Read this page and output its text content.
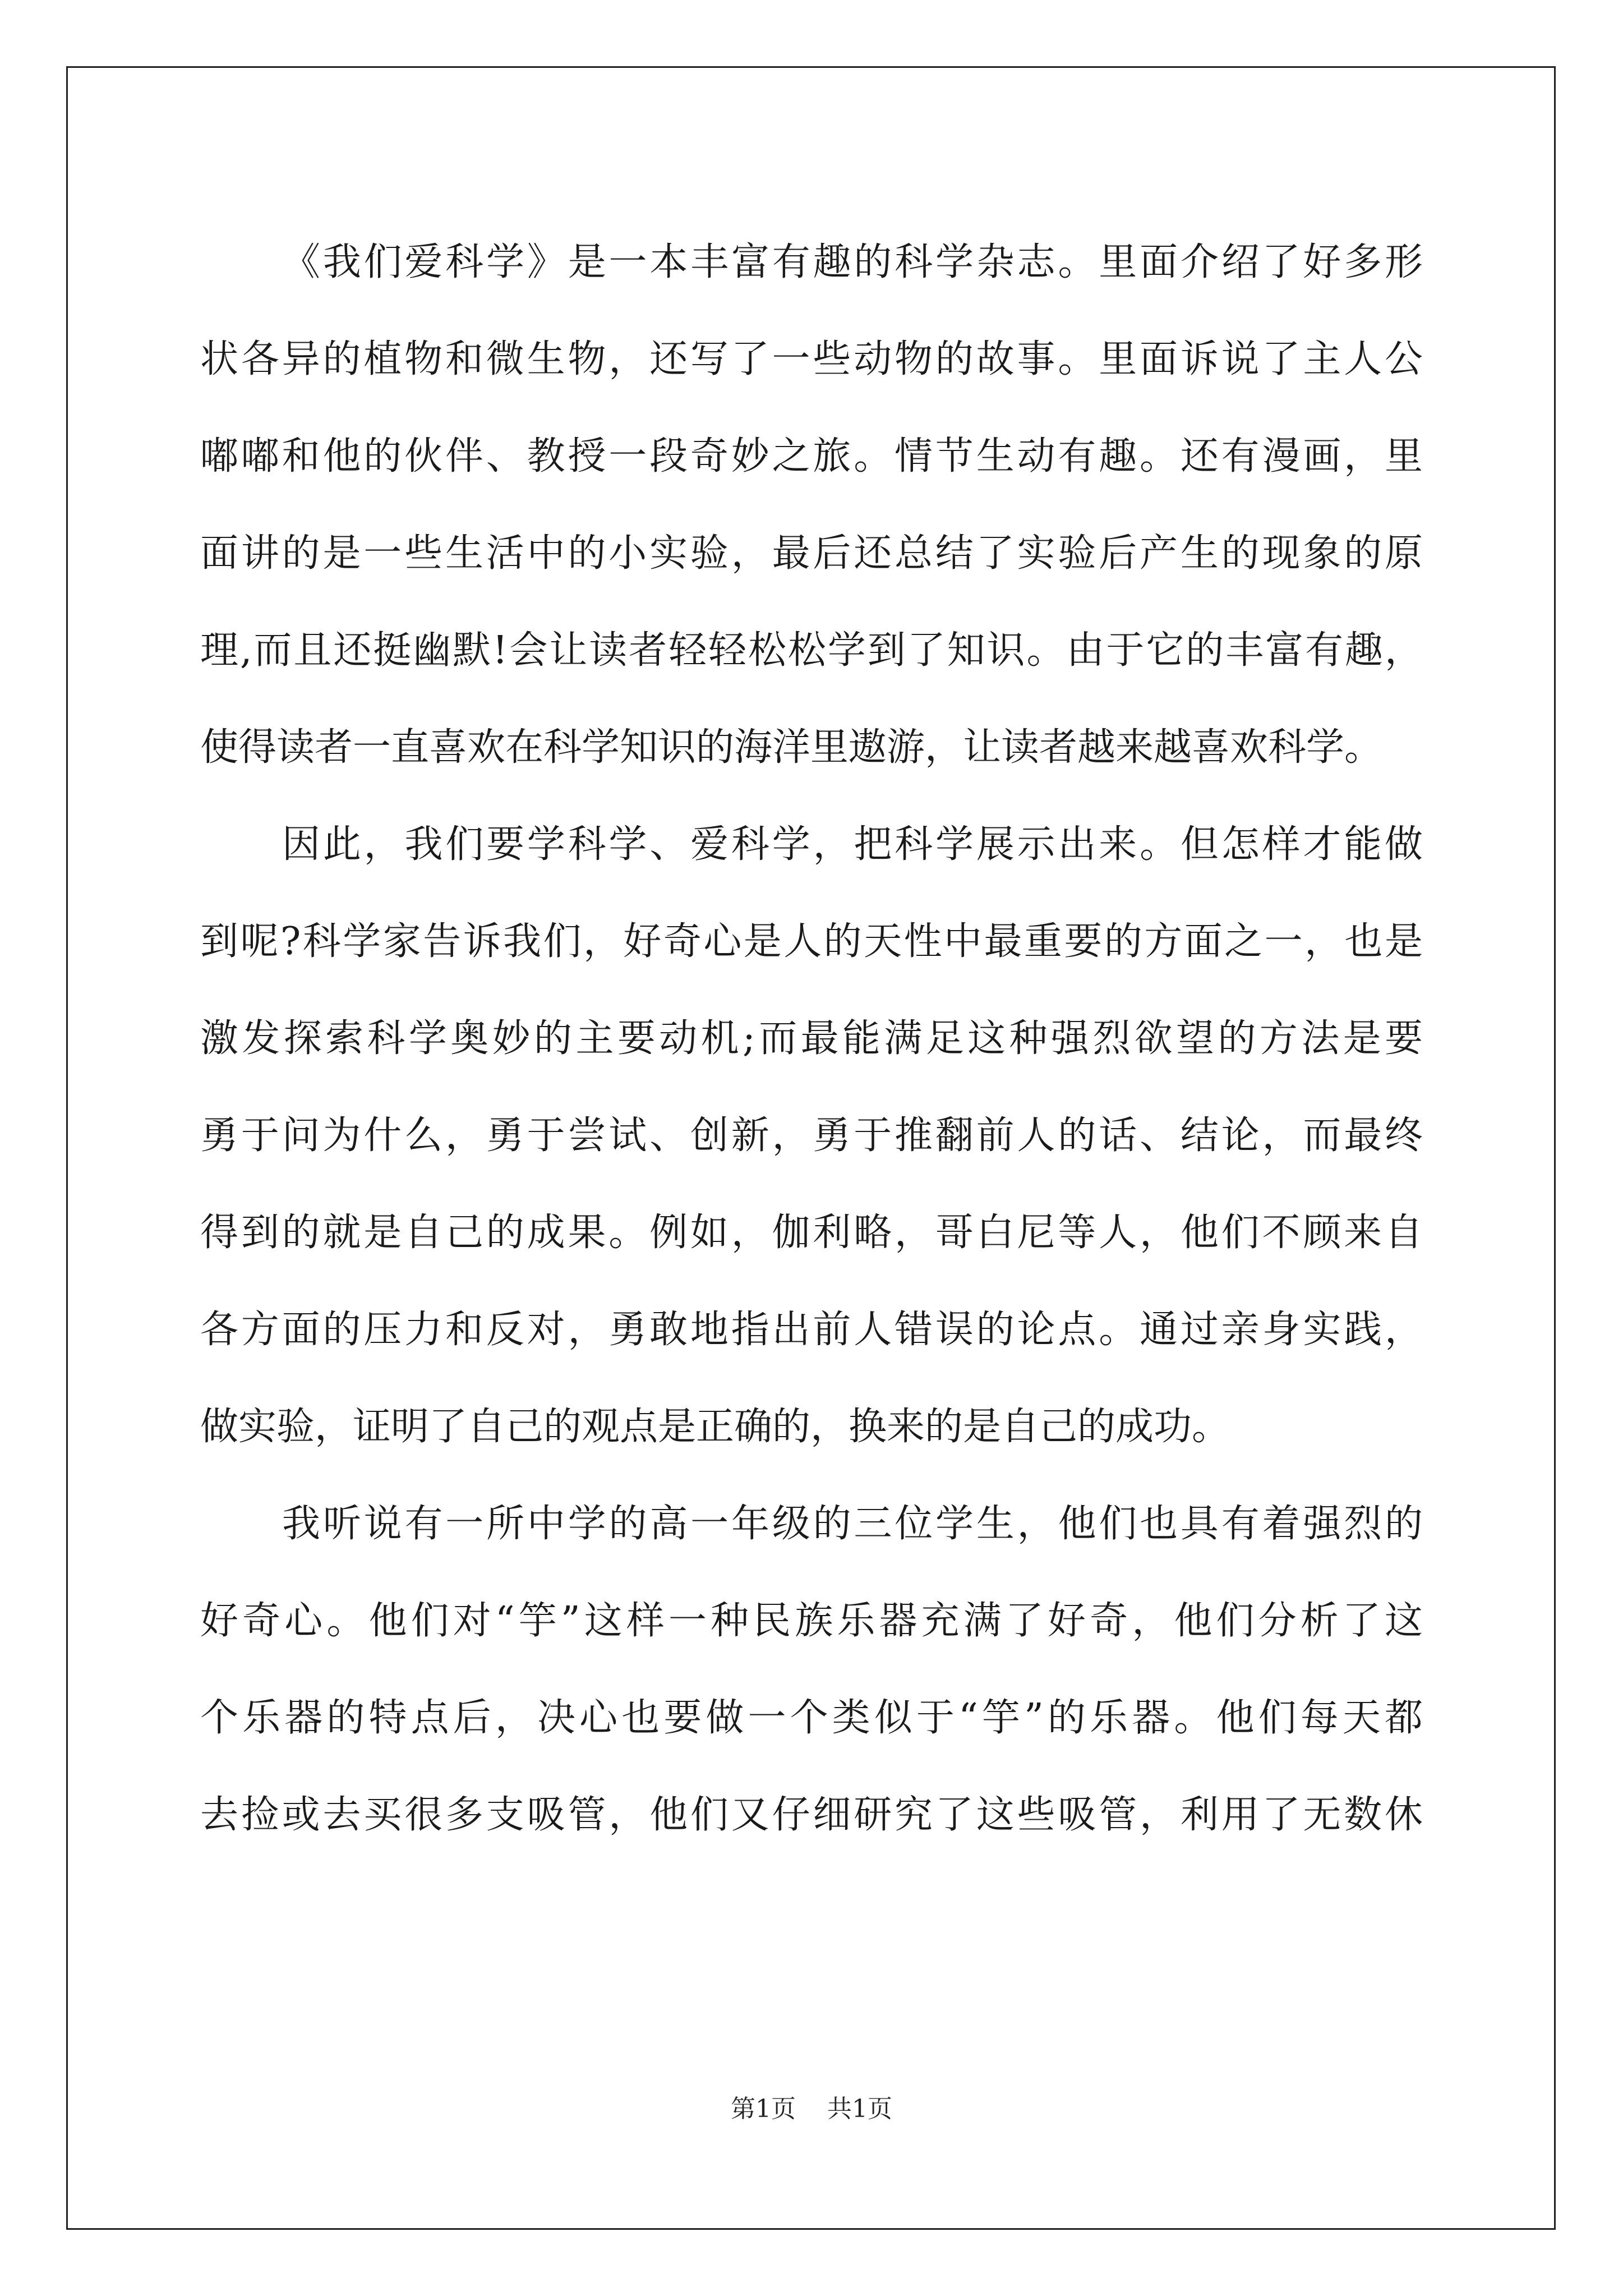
《我们爱科学》是一本丰富有趣的科学杂志。里面介绍了好多形
状各异的植物和微生物，还写了一些动物的故事。里面诉说了主人公
嘟嘟和他的伙伴、教授一段奇妙之旅。情节生动有趣。还有漫画，里
面讲的是一些生活中的小实验，最后还总结了实验后产生的现象的原
理,而且还挺幽默!会让读者轻轻松松学到了知识。由于它的丰富有趣，
使得读者一直喜欢在科学知识的海洋里遨游，让读者越来越喜欢科学。
因此，我们要学科学、爱科学，把科学展示出来。但怎样才能做
到呢?科学家告诉我们，好奇心是人的天性中最重要的方面之一，也是
激发探索科学奥妙的主要动机;而最能满足这种强烈欲望的方法是要
勇于问为什么，勇于尝试、创新，勇于推翻前人的话、结论，而最终
得到的就是自己的成果。例如，伽利略，哥白尼等人，他们不顾来自
各方面的压力和反对，勇敢地指出前人错误的论点。通过亲身实践，
做实验，证明了自己的观点是正确的，换来的是自己的成功。
我听说有一所中学的高一年级的三位学生，他们也具有着强烈的
好奇心。他们对“竽”这样一种民族乐器充满了好奇，他们分析了这
个乐器的特点后，决心也要做一个类似于“竽”的乐器。他们每天都
去捡或去买很多支吸管，他们又仔细研究了这些吸管，利用了无数休
第1页 共1页
